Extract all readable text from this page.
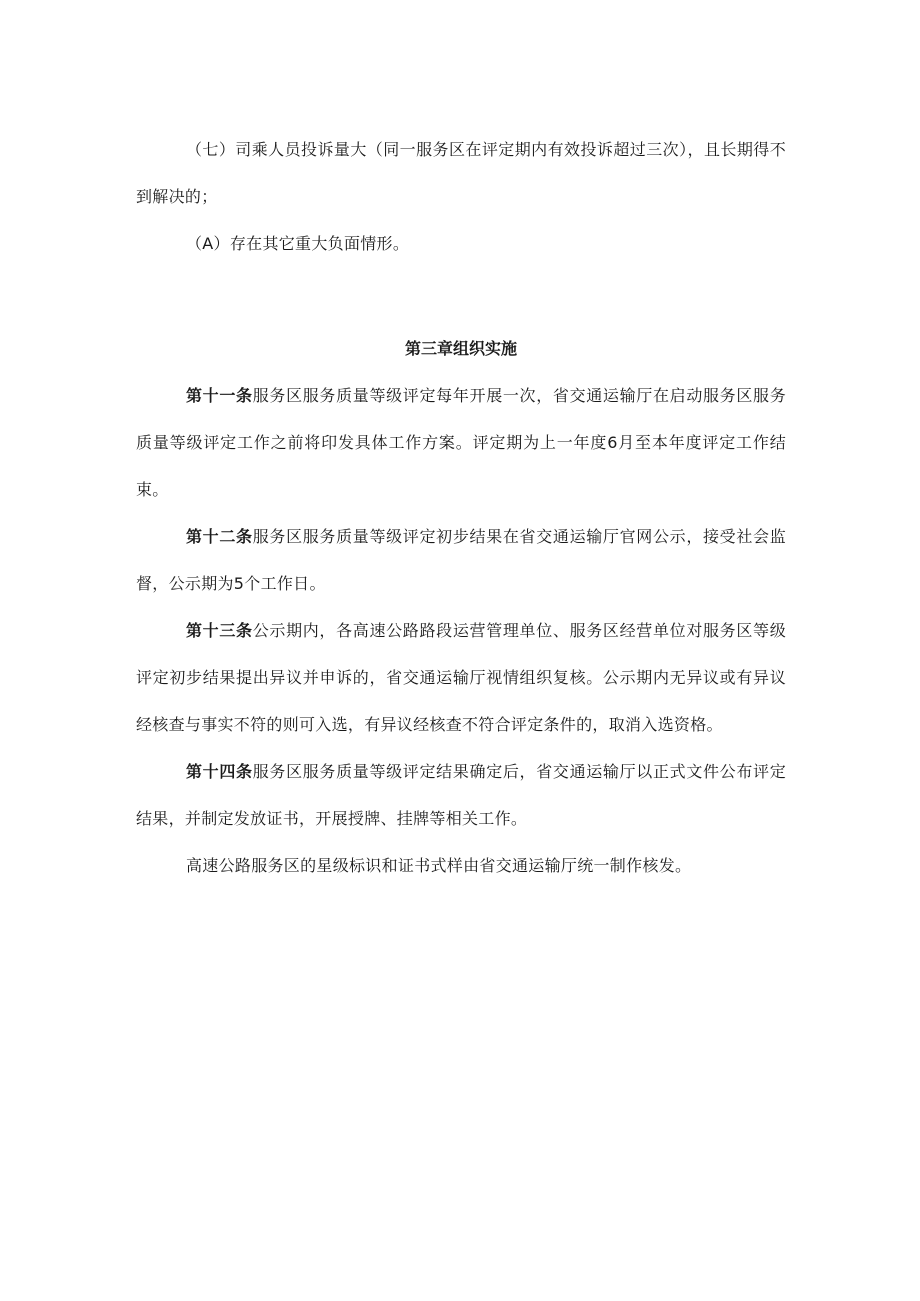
（七）司乘人员投诉量大（同一服务区在评定期内有效投诉超过三次），且长期得不到解决的；

（A）存在其它重大负面情形。

第三章组织实施

第十一条服务区服务质量等级评定每年开展一次，省交通运输厅在启动服务区服务质量等级评定工作之前将印发具体工作方案。评定期为上一年度6月至本年度评定工作结束。

第十二条服务区服务质量等级评定初步结果在省交通运输厅官网公示，接受社会监督，公示期为5个工作日。

第十三条公示期内，各高速公路路段运营管理单位、服务区经营单位对服务区等级评定初步结果提出异议并申诉的，省交通运输厅视情组织复核。公示期内无异议或有异议经核查与事实不符的则可入选，有异议经核查不符合评定条件的，取消入选资格。

第十四条服务区服务质量等级评定结果确定后，省交通运输厅以正式文件公布评定结果，并制定发放证书，开展授牌、挂牌等相关工作。

高速公路服务区的星级标识和证书式样由省交通运输厅统一制作核发。
